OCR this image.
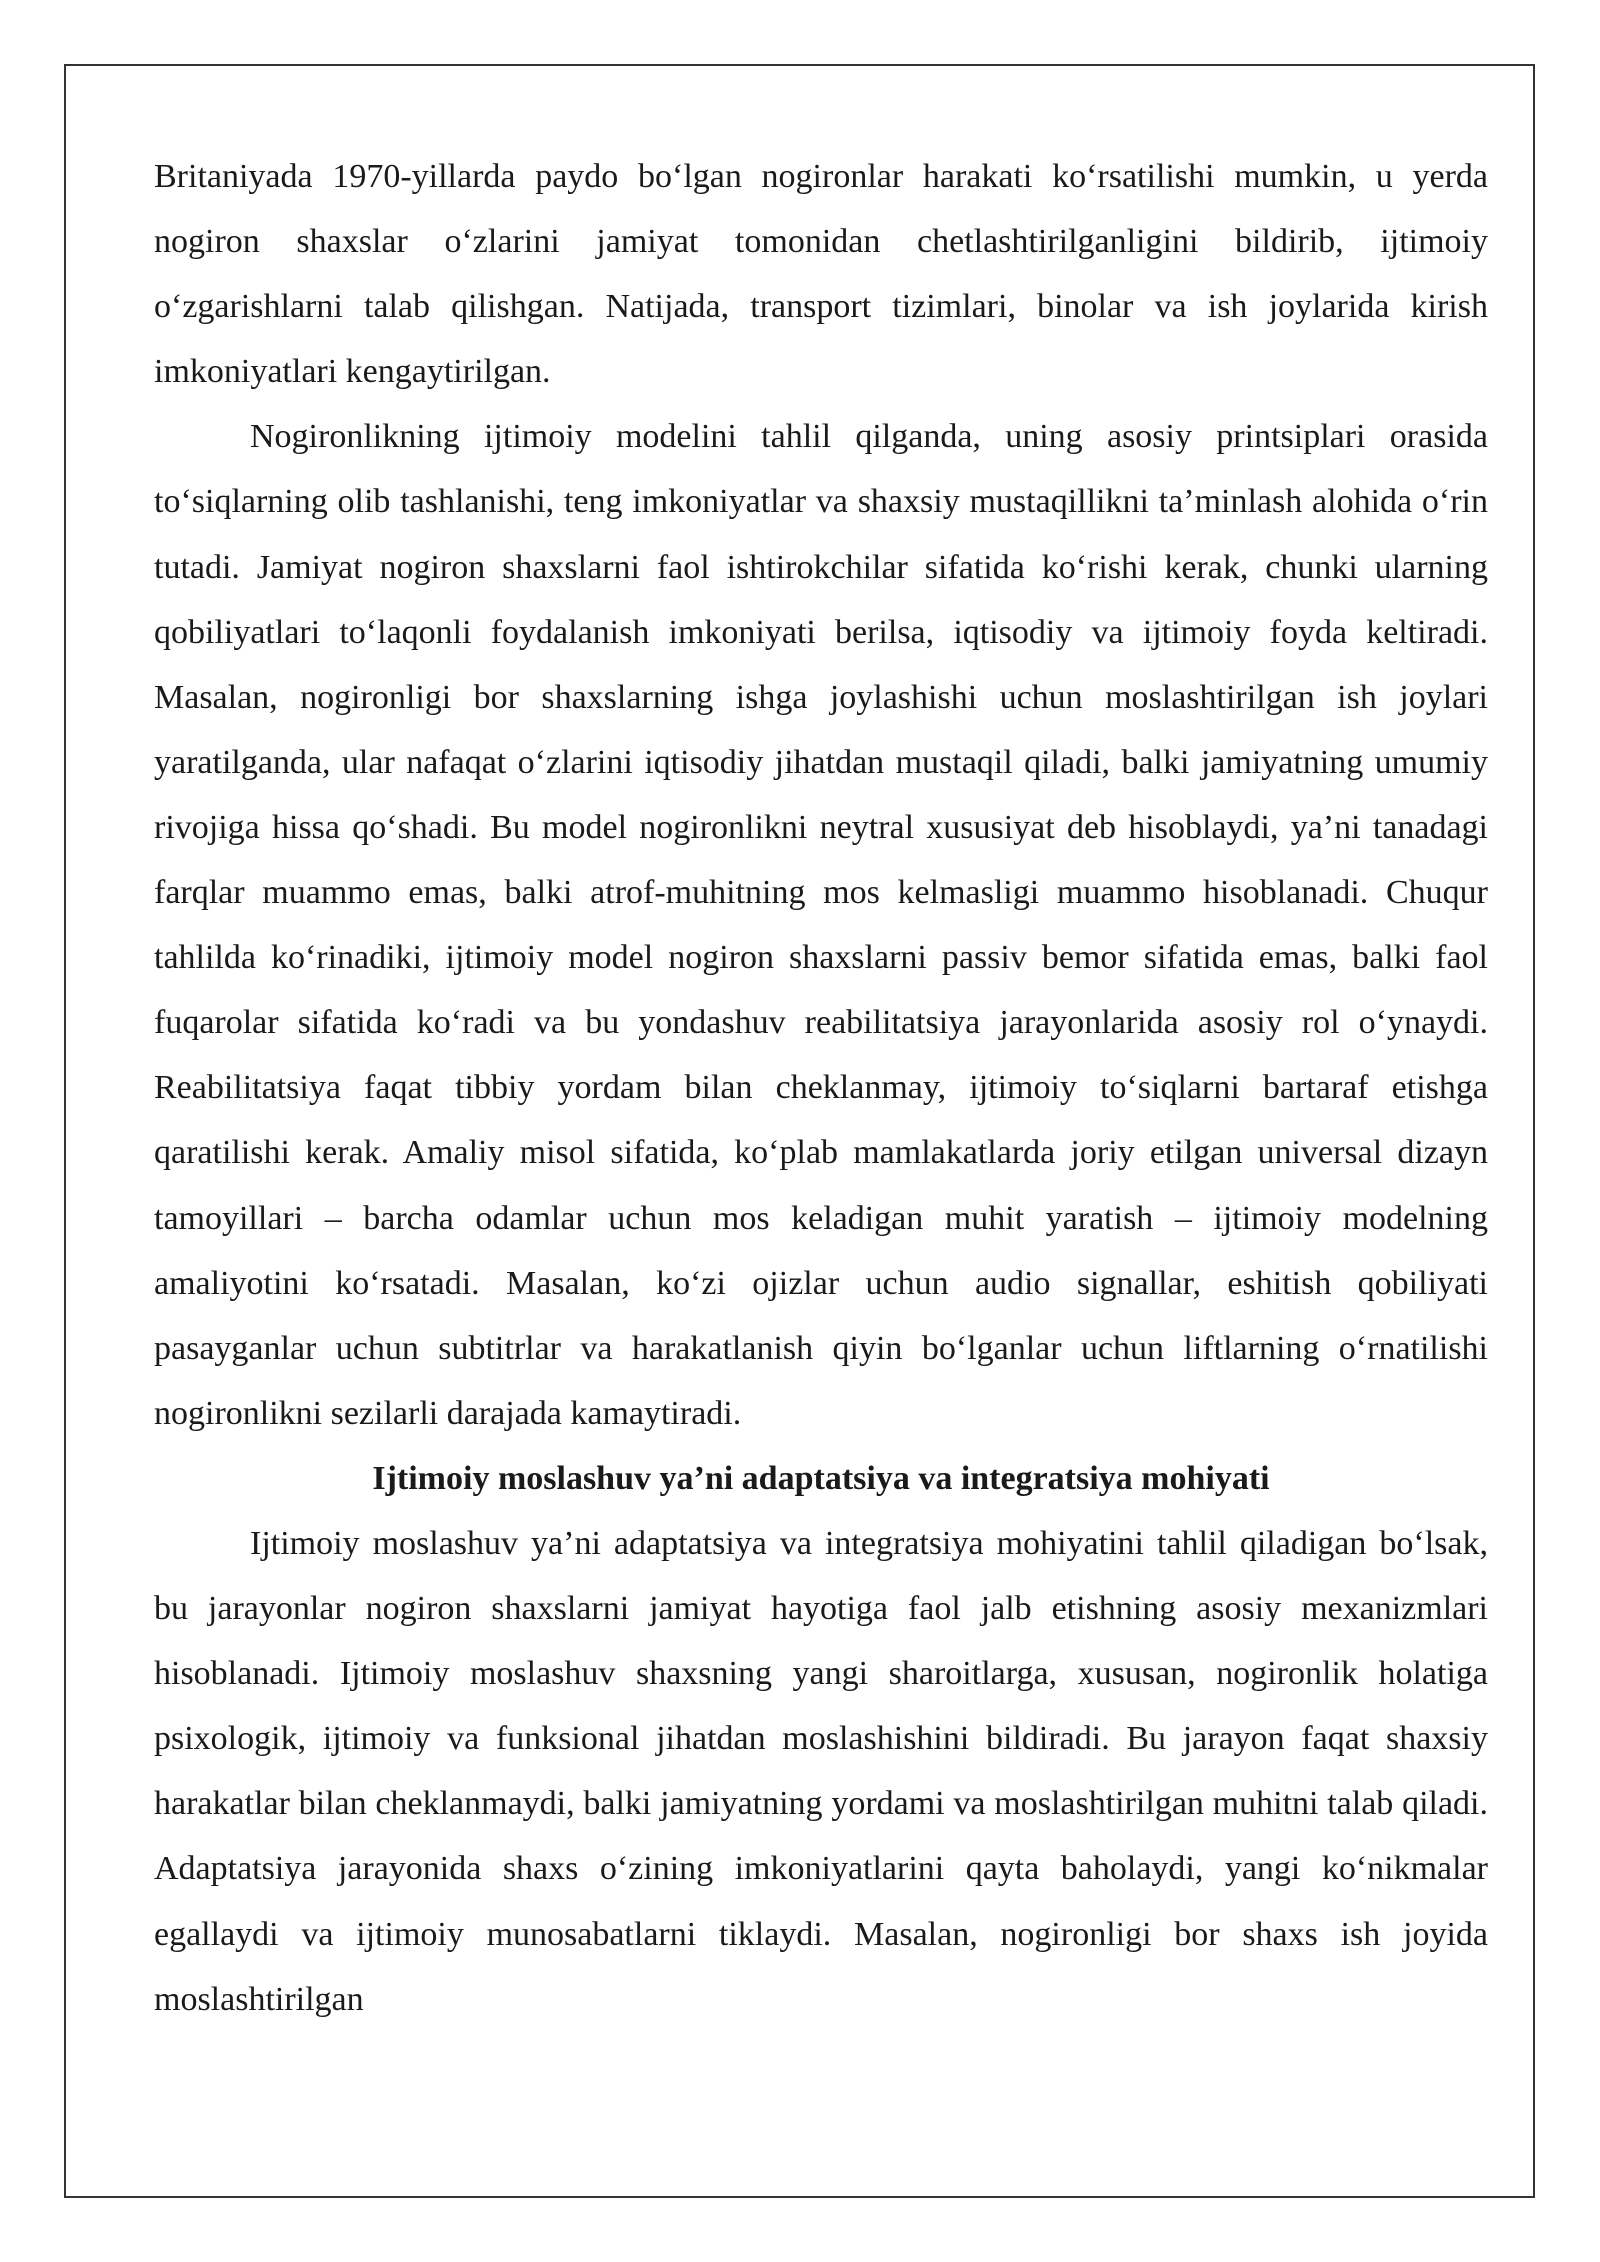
Britaniyada 1970-yillarda paydo bo‘lgan nogironlar harakati ko‘rsatilishi mumkin, u yerda nogiron shaxslar o‘zlarini jamiyat tomonidan chetlashtirilganligini bildirib, ijtimoiy o‘zgarishlarni talab qilishgan. Natijada, transport tizimlari, binolar va ish joylarida kirish imkoniyatlari kengaytirilgan.

Nogironlikning ijtimoiy modelini tahlil qilganda, uning asosiy printsiplari orasida to‘siqlarning olib tashlanishi, teng imkoniyatlar va shaxsiy mustaqillikni ta’minlash alohida o‘rin tutadi. Jamiyat nogiron shaxslarni faol ishtirokchilar sifatida ko‘rishi kerak, chunki ularning qobiliyatlari to‘laqonli foydalanish imkoniyati berilsa, iqtisodiy va ijtimoiy foyda keltiradi. Masalan, nogironligi bor shaxslarning ishga joylashishi uchun moslashtirilgan ish joylari yaratilganda, ular nafaqat o‘zlarini iqtisodiy jihatdan mustaqil qiladi, balki jamiyatning umumiy rivojiga hissa qo‘shadi. Bu model nogironlikni neytral xususiyat deb hisoblaydi, ya’ni tanadagi farqlar muammo emas, balki atrof-muhitning mos kelmasligi muammo hisoblanadi. Chuqur tahlilda ko‘rinadiki, ijtimoiy model nogiron shaxslarni passiv bemor sifatida emas, balki faol fuqarolar sifatida ko‘radi va bu yondashuv reabilitatsiya jarayonlarida asosiy rol o‘ynaydi. Reabilitatsiya faqat tibbiy yordam bilan cheklanmay, ijtimoiy to‘siqlarni bartaraf etishga qaratilishi kerak. Amaliy misol sifatida, ko‘plab mamlakatlarda joriy etilgan universal dizayn tamoyillari – barcha odamlar uchun mos keladigan muhit yaratish – ijtimoiy modelning amaliyotini ko‘rsatadi. Masalan, ko‘zi ojizlar uchun audio signallar, eshitish qobiliyati pasayganlar uchun subtitrlar va harakatlanish qiyin bo‘lganlar uchun liftlarning o‘rnatilishi nogironlikni sezilarli darajada kamaytiradi.

Ijtimoiy moslashuv ya’ni adaptatsiya va integratsiya mohiyati

Ijtimoiy moslashuv ya’ni adaptatsiya va integratsiya mohiyatini tahlil qiladigan bo‘lsak, bu jarayonlar nogiron shaxslarni jamiyat hayotiga faol jalb etishning asosiy mexanizmlari hisoblanadi. Ijtimoiy moslashuv shaxsning yangi sharoitlarga, xususan, nogironlik holatiga psixologik, ijtimoiy va funksional jihatdan moslashishini bildiradi. Bu jarayon faqat shaxsiy harakatlar bilan cheklanmaydi, balki jamiyatning yordami va moslashtirilgan muhitni talab qiladi. Adaptatsiya jarayonida shaxs o‘zining imkoniyatlarini qayta baholaydi, yangi ko‘nikmalar egallaydi va ijtimoiy munosabatlarni tiklaydi. Masalan, nogironligi bor shaxs ish joyida moslashtirilgan
